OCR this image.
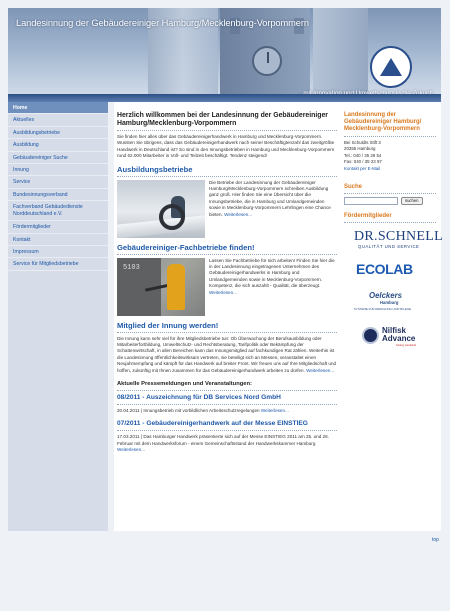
Landesinnung der Gebäudereiniger Hamburg/Mecklenburg-Vorpommern
...mit Innovation und Umweltschutz in die Zukunft
Home
Aktuelles
Ausbildungsbetriebe
Ausbildung
Gebäudereiniger Suche
Innung
Service
Bundesinnungsverband
Fachverband Gebäudedienste Norddeutschland e.V.
Fördermitglieder
Kontakt
Impressum
Service für Mitgliedsbetriebe
Herzlich willkommen bei der Landesinnung der Gebäudereiniger Hamburg/Mecklenburg-Vorpommern
Sie finden hier alles über das Gebäudereinigerhandwerk in Hamburg und Mecklenburg-Vorpommern. Wussten Sie übrigens, dass das Gebäudereinigerhandwerk nach seiner Beschäftigtenzahl das zweitgrößte Handwerk in Deutschland ist? So sind in den Innungsbetrieben in Hamburg und Mecklenburg-Vorpommern rund 62.000 Mitarbeiter in Voll- und Teilzeit beschäftigt. Tendenz steigend!
Ausbildungsbetriebe
Die Betriebe der Landesinnung der Gebäudereiniger Hamburg/Mecklenburg-Vorpommern schreiben Ausbildung ganz groß. Hier finden Sie eine Übersicht über die Innungsbetriebe, die in Hamburg und Umlandgemeinden sowie in Mecklenburg-Vorpommern Lehrlingen eine Chance bieten. Weiterlesen...
Gebäudereiniger-Fachbetriebe finden!
5103
Lassen Sie Fachbetriebe für sich arbeiten! Finden Sie hier die in der Landesinnung eingetragenen Unternehmen des Gebäudereinigerhandwerks in Hamburg und Umlandgemeinden sowie in Mecklenburg-Vorpommern. Kompetenz, die sich auszahlt - Qualität, die überzeugt. Weiterlesen...
Mitglied der Innung werden!
Die Innung kann sehr viel für ihre Mitgliedsbetriebe tun: Ob Überwachung der Berufsausbildung oder Mitarbeiterfortbildung, Umweltschutz- und Rechtsberatung, Tarifpolitik oder Bekämpfung der Schattenwirtschaft, in allen Bereichen kann das Innungsmitglied auf fachkundigen Rat zählen. Weiterhin ist die Landesinnung öffentlichkeitswirksam vertreten, sie beteiligt sich an Messen, veranstaltet einen Neujahrsempfang und kämpft für das Handwerk auf breiter Front. Wir freuen uns auf Ihre Mitgliedschaft und hoffen, zukünftig mit Ihnen zusammen für das Gebäudereinigerhandwerk arbeiten zu dürfen. Weiterlesen...
Aktuelle Pressemeldungen und Veranstaltungen:
08/2011 - Auszeichnung für DB Services Nord GmbH
20.04.2011 | Innungsbetrieb mit vorbildlichen Arbeitsschutzregelungen Weiterlesen...
07/2011 - Gebäudereinigerhandwerk auf der Messe EINSTIEG
17.03.2011 | Das Hamburger Handwerk präsentierte sich auf der Messe EINSTIEG 2011 am 25. und 26. Februar mit dem Handwerksforum - einem Gemeinschaftsstand der Handwerkskammer Hamburg Weiterlesen...
Landesinnung der Gebäudereiniger Hamburg/ Mecklenburg-Vorpommern
Bei Schuldts Stift 3
20355 Hamburg
Tel.: 040 / 35 29 54
Fax: 040 / 35 23 97
Kontakt per E-Mail
Suche
suchen
Fördermitglieder
DR.SCHNELL
QUALITÄT UND SERVICE
ECOLAB
Oelckers
Hamburg
SYSTEME FÜR REINIGUNG UND PFLEGE
Nilfisk
Advance
Setting standards
top
